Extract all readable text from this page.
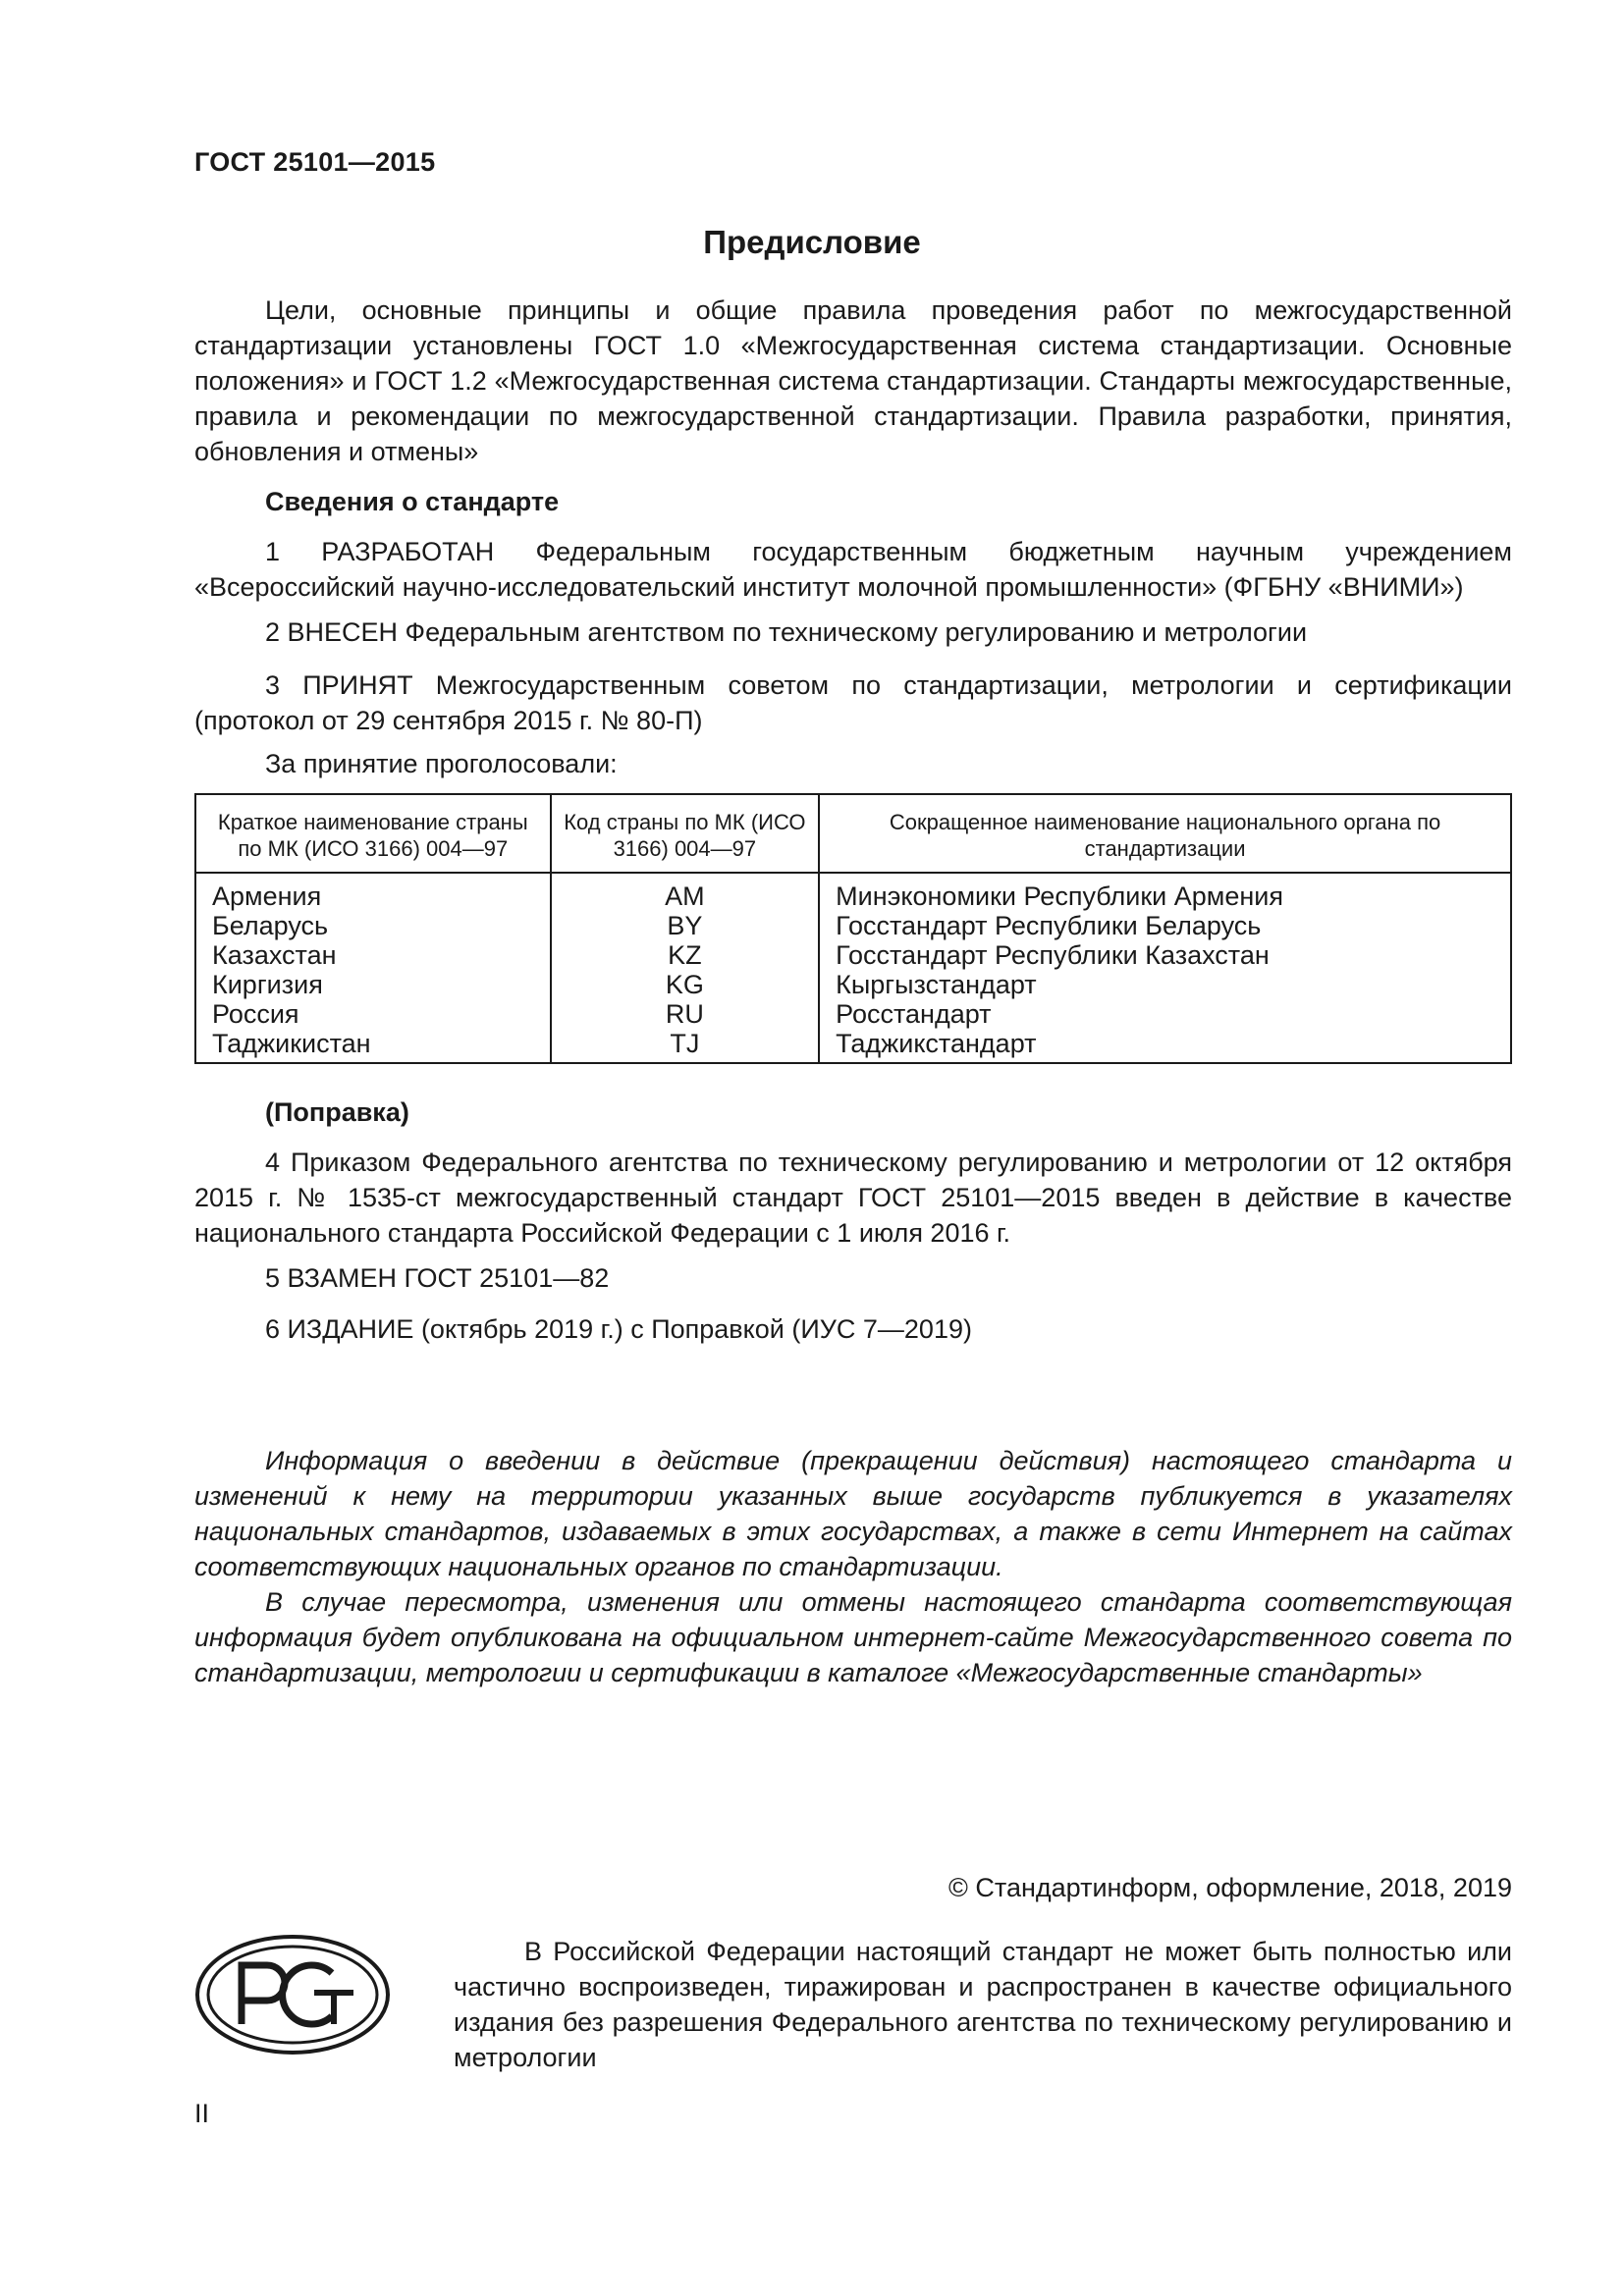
ГОСТ 25101—2015
Предисловие
Цели, основные принципы и общие правила проведения работ по межгосударственной стандартизации установлены ГОСТ 1.0 «Межгосударственная система стандартизации. Основные положения» и ГОСТ 1.2 «Межгосударственная система стандартизации. Стандарты межгосударственные, правила и рекомендации по межгосударственной стандартизации. Правила разработки, принятия, обновления и отмены»
Сведения о стандарте
1 РАЗРАБОТАН Федеральным государственным бюджетным научным учреждением «Всероссийский научно-исследовательский институт молочной промышленности» (ФГБНУ «ВНИМИ»)
2 ВНЕСЕН Федеральным агентством по техническому регулированию и метрологии
3 ПРИНЯТ Межгосударственным советом по стандартизации, метрологии и сертификации (протокол от 29 сентября 2015 г. № 80-П)
За принятие проголосовали:
Краткое наименование страны по МК (ИСО 3166) 004—97	Код страны по МК (ИСО 3166) 004—97	Сокращенное наименование национального органа по стандартизации
Армения	AM	Минэкономики Республики Армения
Беларусь	BY	Госстандарт Республики Беларусь
Казахстан	KZ	Госстандарт Республики Казахстан
Киргизия	KG	Кыргызстандарт
Россия	RU	Росстандарт
Таджикистан	TJ	Таджикстандарт
(Поправка)
4 Приказом Федерального агентства по техническому регулированию и метрологии от 12 октября 2015 г. № 1535-ст межгосударственный стандарт ГОСТ 25101—2015 введен в действие в качестве национального стандарта Российской Федерации с 1 июля 2016 г.
5 ВЗАМЕН ГОСТ 25101—82
6 ИЗДАНИЕ (октябрь 2019 г.) с Поправкой (ИУС 7—2019)
Информация о введении в действие (прекращении действия) настоящего стандарта и изменений к нему на территории указанных выше государств публикуется в указателях национальных стандартов, издаваемых в этих государствах, а также в сети Интернет на сайтах соответствующих национальных органов по стандартизации.
В случае пересмотра, изменения или отмены настоящего стандарта соответствующая информация будет опубликована на официальном интернет-сайте Межгосударственного совета по стандартизации, метрологии и сертификации в каталоге «Межгосударственные стандарты»
© Стандартинформ, оформление, 2018, 2019
В Российской Федерации настоящий стандарт не может быть полностью или частично воспроизведен, тиражирован и распространен в качестве официального издания без разрешения Федерального агентства по техническому регулированию и метрологии
II
